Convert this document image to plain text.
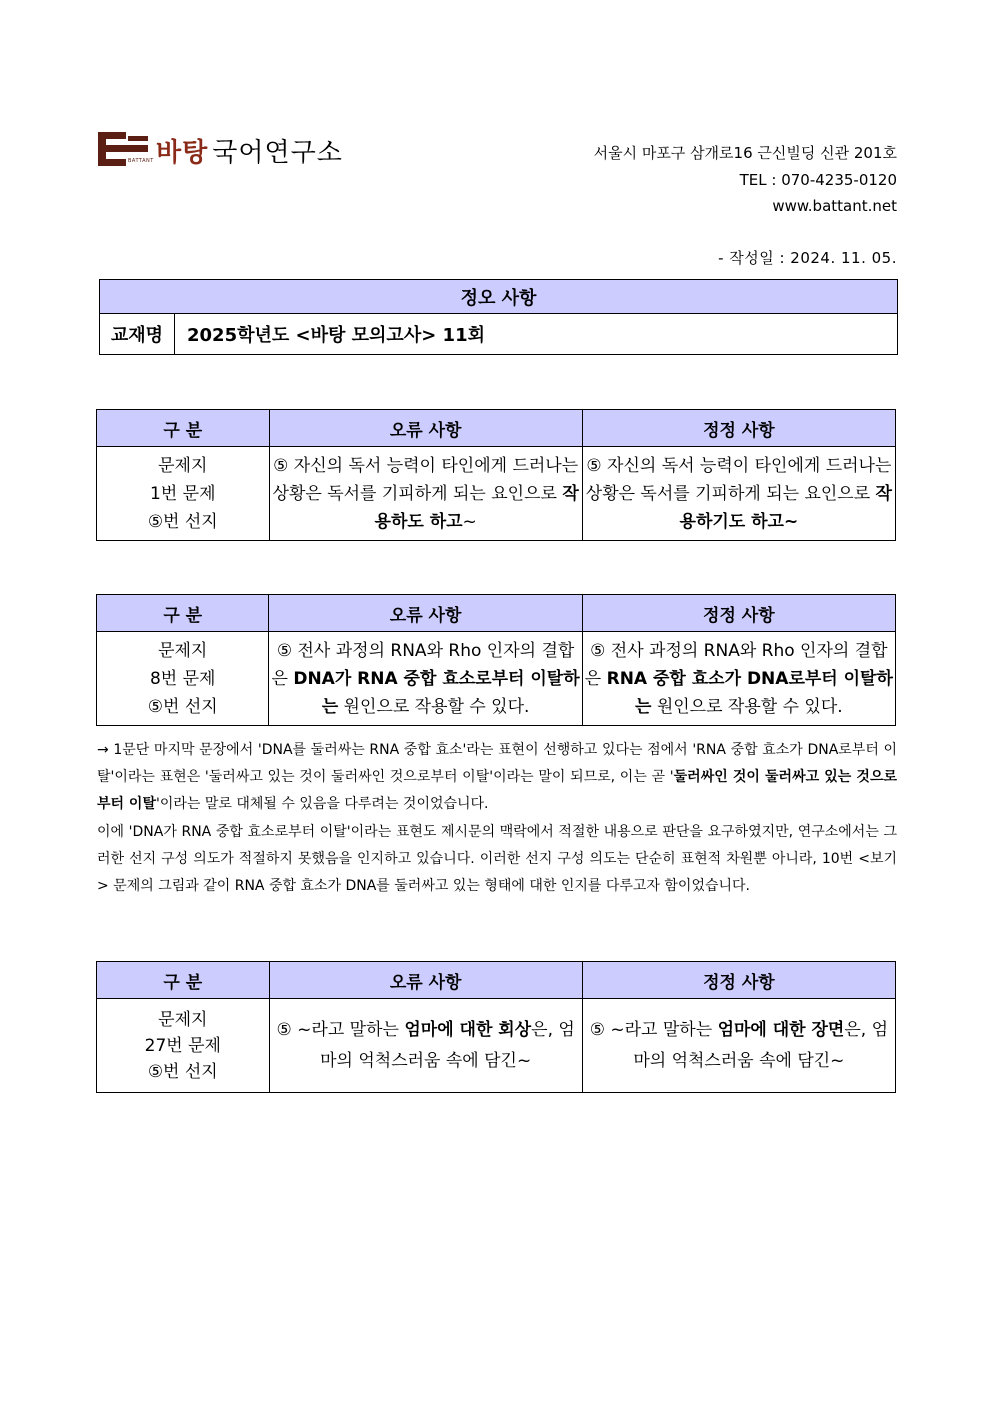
BATTANT 바탕 국어연구소	서울시 마포구 삼개로16 근신빌딩 신관 201호
TEL : 070-4235-0120
www.battant.net
- 작성일 : 2024. 11. 05.
정오 사항
교재명	2025학년도 <바탕 모의고사> 11회
구 분	오류 사항	정정 사항

문제지
1번 문제
⑤번 선지	⑤ 자신의 독서 능력이 타인에게 드러나는 상황은 독서를 기피하게 되는 요인으로 작용하도 하고~	⑤ 자신의 독서 능력이 타인에게 드러나는 상황은 독서를 기피하게 되는 요인으로 작용하기도 하고~
구 분	오류 사항	정정 사항

문제지
8번 문제
⑤번 선지	⑤ 전사 과정의 RNA와 Rho 인자의 결합은 DNA가 RNA 중합 효소로부터 이탈하는 원인으로 작용할 수 있다.	⑤ 전사 과정의 RNA와 Rho 인자의 결합은 RNA 중합 효소가 DNA로부터 이탈하는 원인으로 작용할 수 있다.
→ 1문단 마지막 문장에서 'DNA를 둘러싸는 RNA 중합 효소'라는 표현이 선행하고 있다는 점에서 'RNA 중합 효소가 DNA로부터 이탈'이라는 표현은 '둘러싸고 있는 것이 둘러싸인 것으로부터 이탈'이라는 말이 되므로, 이는 곧 '둘러싸인 것이 둘러싸고 있는 것으로부터 이탈'이라는 말로 대체될 수 있음을 다루려는 것이었습니다.
이에 'DNA가 RNA 중합 효소로부터 이탈'이라는 표현도 제시문의 맥락에서 적절한 내용으로 판단을 요구하였지만, 연구소에서는 그러한 선지 구성 의도가 적절하지 못했음을 인지하고 있습니다. 이러한 선지 구성 의도는 단순히 표현적 차원뿐 아니라, 10번 <보기> 문제의 그림과 같이 RNA 중합 효소가 DNA를 둘러싸고 있는 형태에 대한 인지를 다루고자 함이었습니다.
구 분	오류 사항	정정 사항

문제지
27번 문제
⑤번 선지	⑤ ~라고 말하는 엄마에 대한 회상은, 엄마의 억척스러움 속에 담긴~	⑤ ~라고 말하는 엄마에 대한 장면은, 엄마의 억척스러움 속에 담긴~
